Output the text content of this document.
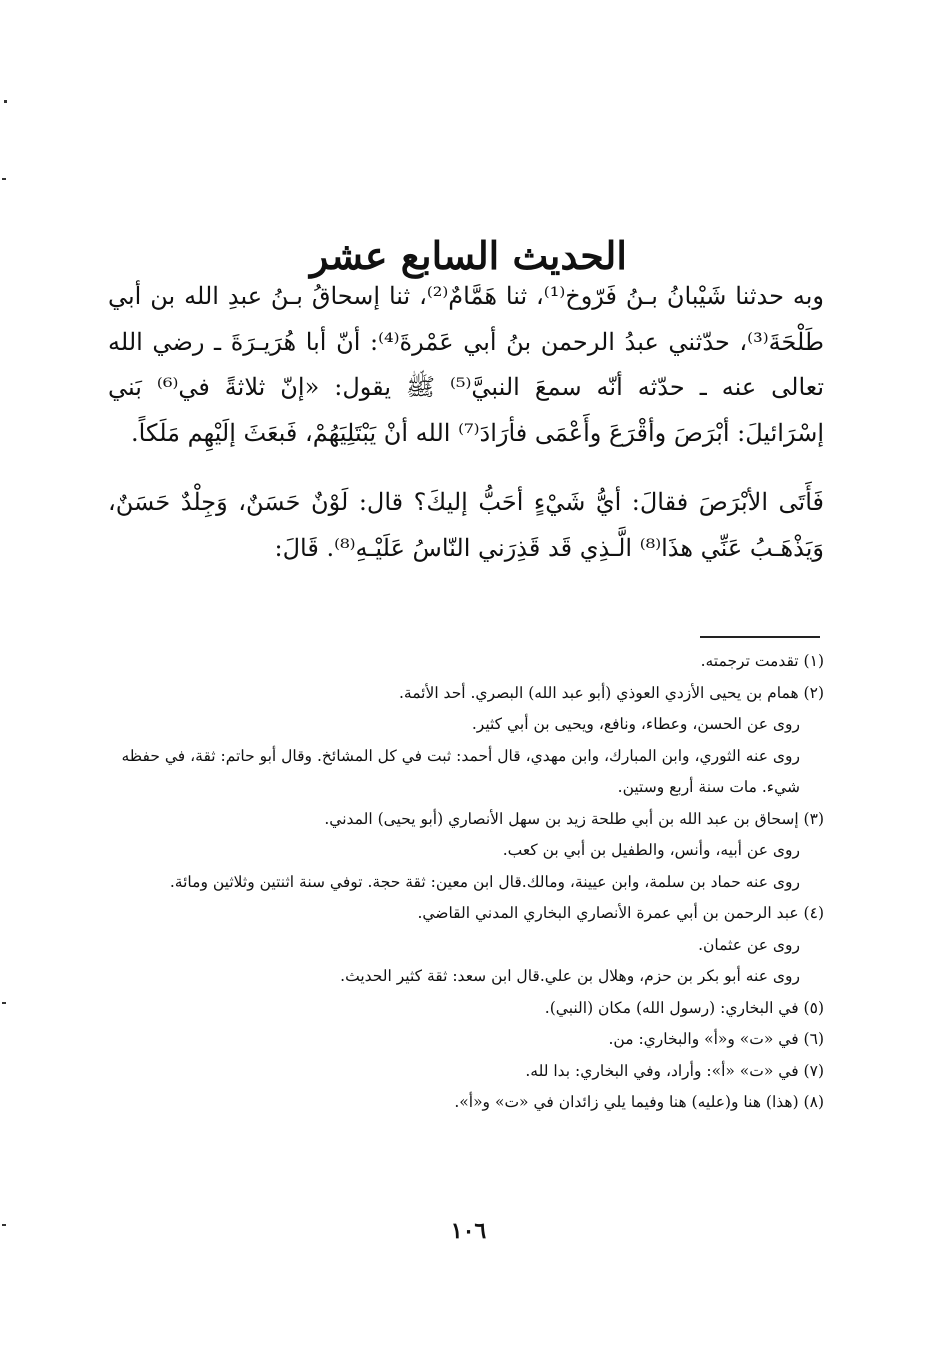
الحديث السابع عشر

وبه حدثنا شَيْبانُ بـنُ فَرّوخ⁽¹⁾، ثنا هَمَّامٌ⁽²⁾، ثنا إسحاقُ بـنُ عبدِ الله بن أبي طَلْحَةَ⁽³⁾، حدّثني عبدُ الرحمن بنُ أبي عَمْرةَ⁽⁴⁾: أنّ أبا هُرَيـرَةَ ـ رضي الله تعالى عنه ـ حدّثه أنّه سمعَ النبيَّ⁽⁵⁾ ﷺ يقول: «إنّ ثلاثةً في⁽⁶⁾ بَني إسْرَائيلَ: أبْرَصَ وأقْرَعَ وأَعْمَى فأرَادَ⁽⁷⁾ الله أنْ يَبْتَلِيَهُمْ، فَبعَثَ إلَيْهِم مَلَكاً.

فَأَتَى الأبْرَصَ فقالَ: أيُّ شَيْءٍ أحَبُّ إليكَ؟ قال: لَوْنٌ حَسَنٌ، وَجِلْدٌ حَسَنٌ، وَيَذْهَـبُ عَنِّي هذَا⁽⁸⁾ الَّـذِي قَد قَذِرَني النّاسُ عَلَيْـهِ⁽⁸⁾. قَالَ:

(١) تقدمت ترجمته.
(٢) همام بن يحيى الأزدي العوذي (أبو عبد الله) البصري. أحد الأئمة.
روى عن الحسن، وعطاء، ونافع، ويحيى بن أبي كثير.
روى عنه الثوري، وابن المبارك، وابن مهدي، قال أحمد: ثبت في كل المشائخ. وقال أبو حاتم: ثقة، في حفظه شيء. مات سنة أربع وستين.
(٣) إسحاق بن عبد الله بن أبي طلحة زيد بن سهل الأنصاري (أبو يحيى) المدني.
روى عن أبيه، وأنس، والطفيل بن أبي بن كعب.
روى عنه حماد بن سلمة، وابن عيينة، ومالك.قال ابن معين: ثقة حجة. توفي سنة اثنتين وثلاثين ومائة.
(٤) عبد الرحمن بن أبي عمرة الأنصاري البخاري المدني القاضي.
روى عن عثمان.
روى عنه أبو بكر بن حزم، وهلال بن علي.قال ابن سعد: ثقة كثير الحديث.
(٥) في البخاري: (رسول الله) مكان (النبي).
(٦) في «ت» و«أ» والبخاري: من.
(٧) في «ت» «أ»: وأراد، وفي البخاري: بدا لله.
(٨) (هذا) هنا و(عليه) هنا وفيما يلي زائدان في «ت» و«أ».
١٠٦
